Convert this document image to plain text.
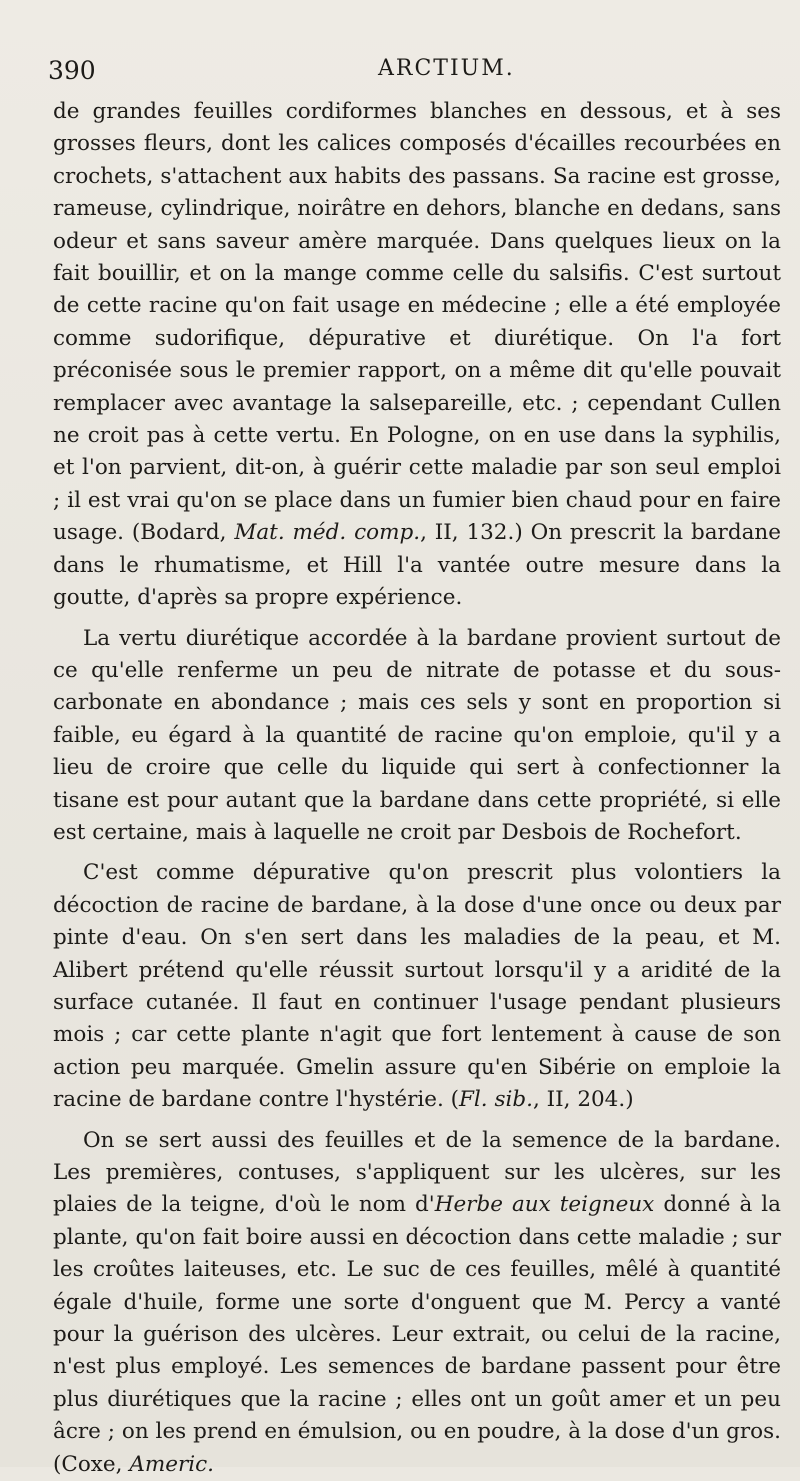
390	ARCTIUM.

de grandes feuilles cordiformes blanches en dessous, et à ses grosses fleurs, dont les calices composés d'écailles recourbées en crochets, s'attachent aux habits des passans. Sa racine est grosse, rameuse, cylindrique, noirâtre en dehors, blanche en dedans, sans odeur et sans saveur amère marquée. Dans quelques lieux on la fait bouillir, et on la mange comme celle du salsifis. C'est surtout de cette racine qu'on fait usage en médecine ; elle a été employée comme sudorifique, dépurative et diurétique. On l'a fort préconisée sous le premier rapport, on a même dit qu'elle pouvait remplacer avec avantage la salsepareille, etc. ; cependant Cullen ne croit pas à cette vertu. En Pologne, on en use dans la syphilis, et l'on parvient, dit-on, à guérir cette maladie par son seul emploi ; il est vrai qu'on se place dans un fumier bien chaud pour en faire usage. (Bodard, Mat. méd. comp., II, 132.) On prescrit la bardane dans le rhumatisme, et Hill l'a vantée outre mesure dans la goutte, d'après sa propre expérience.

La vertu diurétique accordée à la bardane provient surtout de ce qu'elle renferme un peu de nitrate de potasse et du sous-carbonate en abondance ; mais ces sels y sont en proportion si faible, eu égard à la quantité de racine qu'on emploie, qu'il y a lieu de croire que celle du liquide qui sert à confectionner la tisane est pour autant que la bardane dans cette propriété, si elle est certaine, mais à laquelle ne croit par Desbois de Rochefort.

C'est comme dépurative qu'on prescrit plus volontiers la décoction de racine de bardane, à la dose d'une once ou deux par pinte d'eau. On s'en sert dans les maladies de la peau, et M. Alibert prétend qu'elle réussit surtout lorsqu'il y a aridité de la surface cutanée. Il faut en continuer l'usage pendant plusieurs mois ; car cette plante n'agit que fort lentement à cause de son action peu marquée. Gmelin assure qu'en Sibérie on emploie la racine de bardane contre l'hystérie. (Fl. sib., II, 204.)

On se sert aussi des feuilles et de la semence de la bardane. Les premières, contuses, s'appliquent sur les ulcères, sur les plaies de la teigne, d'où le nom d'Herbe aux teigneux donné à la plante, qu'on fait boire aussi en décoction dans cette maladie ; sur les croûtes laiteuses, etc. Le suc de ces feuilles, mêlé à quantité égale d'huile, forme une sorte d'onguent que M. Percy a vanté pour la guérison des ulcères. Leur extrait, ou celui de la racine, n'est plus employé. Les semences de bardane passent pour être plus diurétiques que la racine ; elles ont un goût amer et un peu âcre ; on les prend en émulsion, ou en poudre, à la dose d'un gros. (Coxe, Americ.
